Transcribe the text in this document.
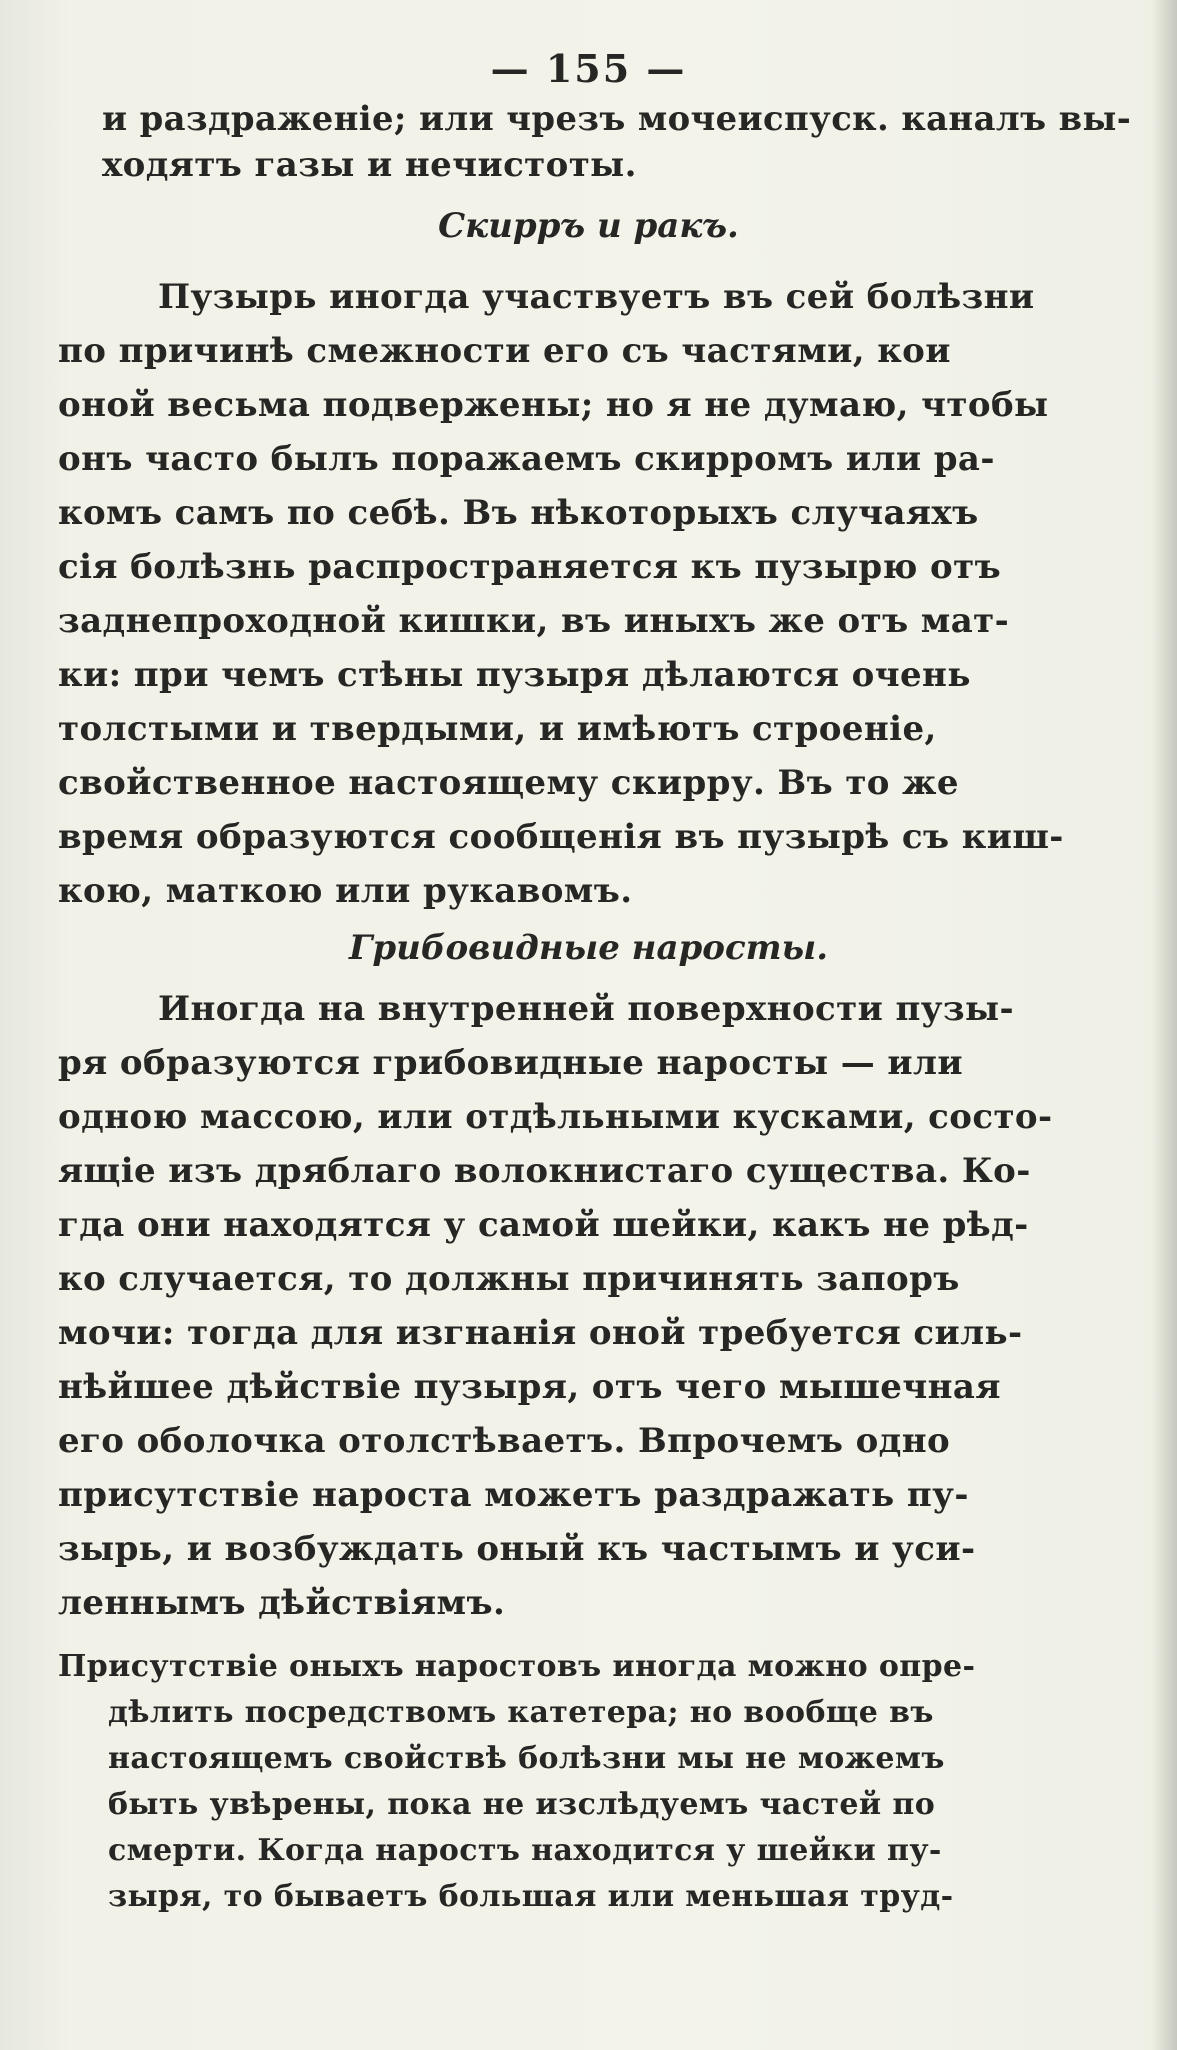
— 155 —
и раздраженіе; или чрезъ мочеиспуск. каналъ вы-
ходятъ газы и нечистоты.
Скирръ и ракъ.
Пузырь иногда участвуетъ въ сей болѣзни
по причинѣ смежности его съ частями, кои
оной весьма подвержены; но я не думаю, чтобы
онъ часто былъ поражаемъ скирромъ или ра-
комъ самъ по себѣ. Въ нѣкоторыхъ случаяхъ
сія болѣзнь распространяется къ пузырю отъ
заднепроходной кишки, въ иныхъ же отъ мат-
ки: при чемъ стѣны пузыря дѣлаются очень
толстыми и твердыми, и имѣютъ строеніе,
свойственное настоящему скирру. Въ то же
время образуются сообщенія въ пузырѣ съ киш-
кою, маткою или рукавомъ.
Грибовидные наросты.
Иногда на внутренней поверхности пузы-
ря образуются грибовидные наросты — или
одною массою, или отдѣльными кусками, состо-
ящіе изъ дряблаго волокнистаго существа. Ко-
гда они находятся у самой шейки, какъ не рѣд-
ко случается, то должны причинять запоръ
мочи: тогда для изгнанія оной требуется силь-
нѣйшее дѣйствіе пузыря, отъ чего мышечная
его оболочка отолстѣваетъ. Впрочемъ одно
присутствіе нароста можетъ раздражать пу-
зырь, и возбуждать оный къ частымъ и уси-
леннымъ дѣйствіямъ.
Присутствіе оныхъ наростовъ иногда можно опре-
дѣлить посредствомъ катетера; но вообще въ
настоящемъ свойствѣ болѣзни мы не можемъ
быть увѣрены, пока не изслѣдуемъ частей по
смерти. Когда наростъ находится у шейки пу-
зыря, то бываетъ большая или меньшая труд-
